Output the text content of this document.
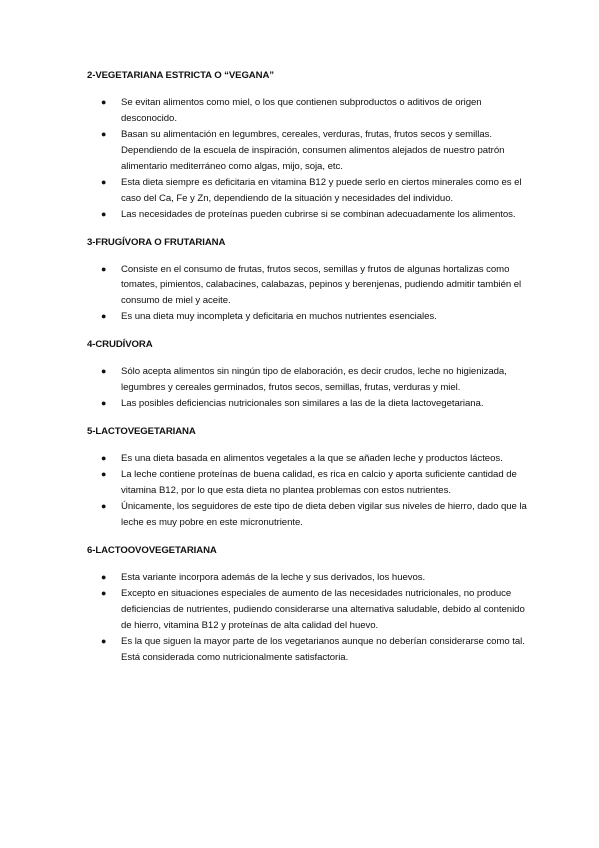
2-VEGETARIANA ESTRICTA O “VEGANA”
● Se evitan alimentos como miel, o los que contienen subproductos o aditivos de origen desconocido.
● Basan su alimentación en legumbres, cereales, verduras, frutas, frutos secos y semillas. Dependiendo de la escuela de inspiración, consumen alimentos alejados de nuestro patrón alimentario mediterráneo como algas, mijo, soja, etc.
● Esta dieta siempre es deficitaria en vitamina B12 y puede serlo en ciertos minerales como es el caso del Ca, Fe y Zn, dependiendo de la situación y necesidades del individuo.
● Las necesidades de proteínas pueden cubrirse si se combinan adecuadamente los alimentos.
3-FRUGÍVORA O FRUTARIANA
● Consiste en el consumo de frutas, frutos secos, semillas y frutos de algunas hortalizas como tomates, pimientos, calabacines, calabazas, pepinos y berenjenas, pudiendo admitir también el consumo de miel y aceite.
● Es una dieta muy incompleta y deficitaria en muchos nutrientes esenciales.
4-CRUDÍVORA
● Sólo acepta alimentos sin ningún tipo de elaboración, es decir crudos, leche no higienizada, legumbres y cereales germinados, frutos secos, semillas, frutas, verduras y miel.
● Las posibles deficiencias nutricionales son similares a las de la dieta lactovegetariana.
5-LACTOVEGETARIANA
● Es una dieta basada en alimentos vegetales a la que se añaden leche y productos lácteos.
● La leche contiene proteínas de buena calidad, es rica en calcio y aporta suficiente cantidad de vitamina B12, por lo que esta dieta no plantea problemas con estos nutrientes.
● Únicamente, los seguidores de este tipo de dieta deben vigilar sus niveles de hierro, dado que la leche es muy pobre en este micronutriente.
6-LACTOOVOVEGETARIANA
● Esta variante incorpora además de la leche y sus derivados, los huevos.
● Excepto en situaciones especiales de aumento de las necesidades nutricionales, no produce deficiencias de nutrientes, pudiendo considerarse una alternativa saludable, debido al contenido de hierro, vitamina B12 y proteínas de alta calidad del huevo.
● Es la que siguen la mayor parte de los vegetarianos aunque no deberían considerarse como tal. Está considerada como nutricionalmente satisfactoria.
